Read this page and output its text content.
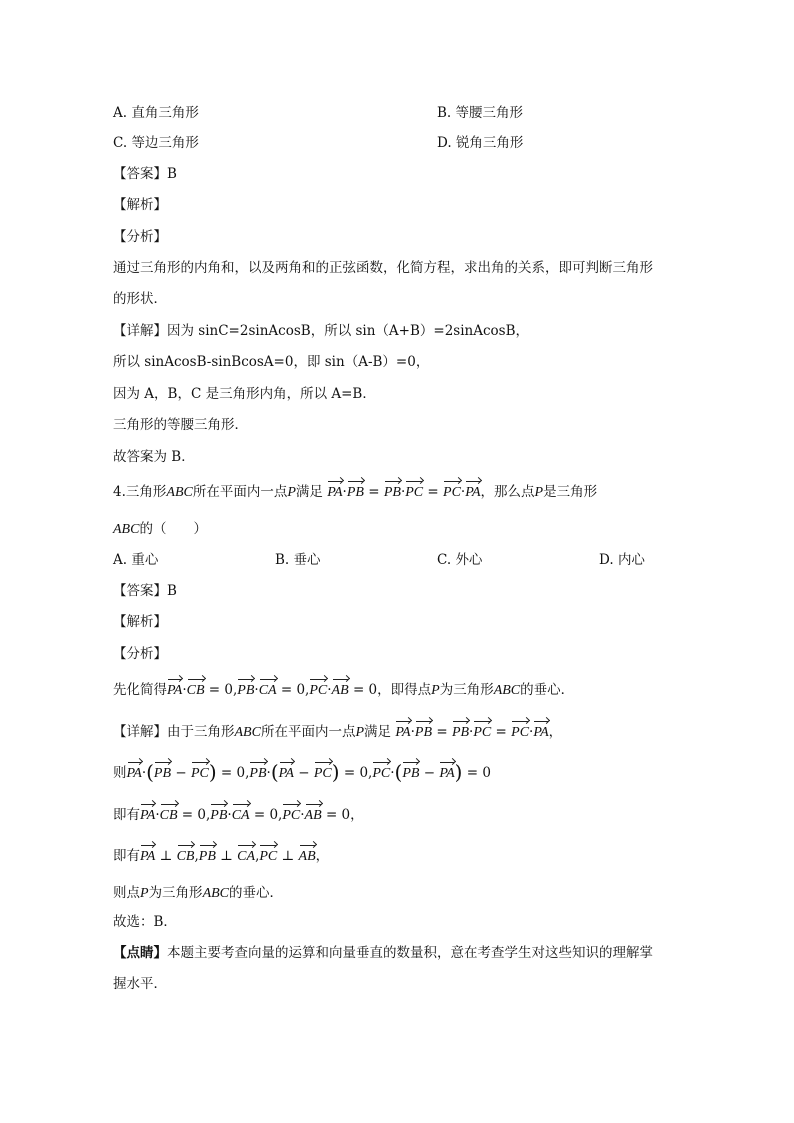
A. 直角三角形	B. 等腰三角形
C. 等边三角形	D. 锐角三角形
【答案】B
【解析】
【分析】
通过三角形的内角和，以及两角和的正弦函数，化简方程，求出角的关系，即可判断三角形
的形状．
【详解】因为 sinC=2sinAcosB，所以 sin（A+B）=2sinAcosB，
所以 sinAcosB-sinBcosA=0，即 sin（A-B）=0，
因为 A，B，C 是三角形内角，所以 A=B．
三角形的等腰三角形．
故答案为 B．
4.三角形ABC所在平面内一点P满足 PA·PB = PB·PC = PC·PA，那么点P是三角形
ABC的（　　）
A. 重心	B. 垂心	C. 外心	D. 内心
【答案】B
【解析】
【分析】
先化简得PA·CB = 0,PB·CA = 0,PC·AB = 0，即得点P为三角形ABC的垂心．
【详解】由于三角形ABC所在平面内一点P满足 PA·PB = PB·PC = PC·PA，
则PA·(PB − PC) = 0,PB·(PA − PC) = 0,PC·(PB − PA) = 0
即有PA·CB = 0,PB·CA = 0,PC·AB = 0，
即有PA ⊥ CB,PB ⊥ CA,PC ⊥ AB，
则点P为三角形ABC的垂心．
故选：B．
【点睛】本题主要考查向量的运算和向量垂直的数量积，意在考查学生对这些知识的理解掌
握水平．
